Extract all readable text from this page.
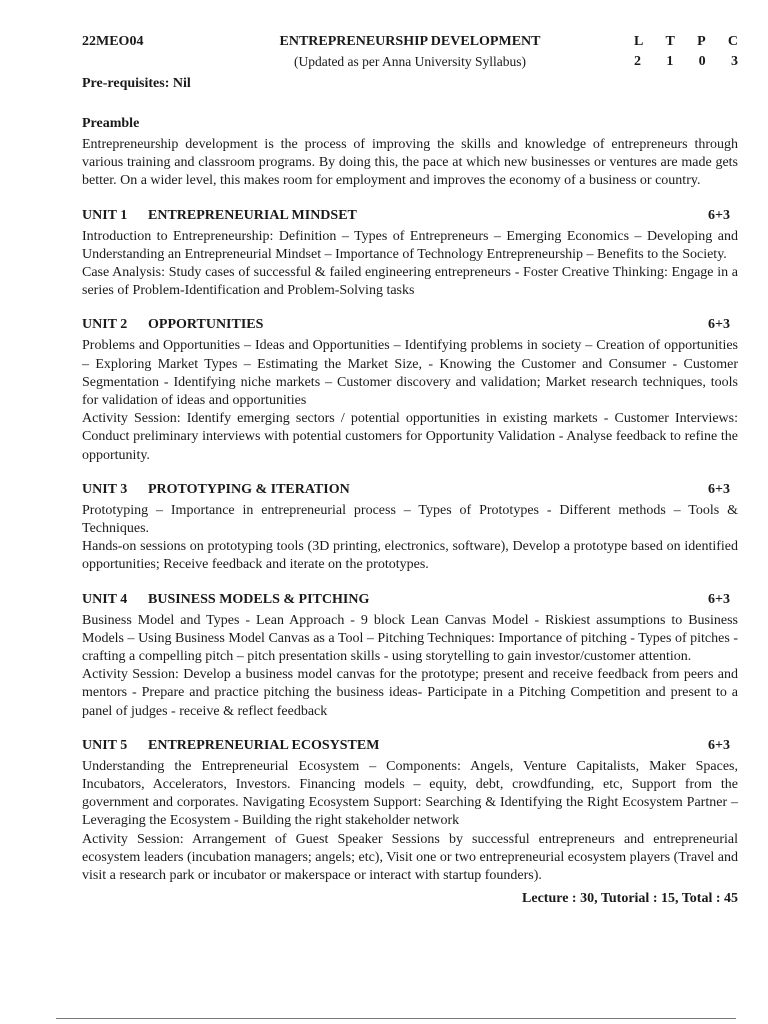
22MEO04	ENTREPRENEURSHIP DEVELOPMENT
(Updated as per Anna University Syllabus)
L T P C
2 1 0 3
Pre-requisites: Nil
Preamble

Entrepreneurship development is the process of improving the skills and knowledge of entrepreneurs through various training and classroom programs. By doing this, the pace at which new businesses or ventures are made gets better. On a wider level, this makes room for employment and improves the economy of a business or country.

UNIT 1	ENTREPRENEURIAL MINDSET	6+3

Introduction to Entrepreneurship: Definition – Types of Entrepreneurs – Emerging Economics – Developing and Understanding an Entrepreneurial Mindset – Importance of Technology Entrepreneurship – Benefits to the Society.

Case Analysis: Study cases of successful & failed engineering entrepreneurs - Foster Creative Thinking: Engage in a series of Problem-Identification and Problem-Solving tasks

UNIT 2	OPPORTUNITIES	6+3

Problems and Opportunities – Ideas and Opportunities – Identifying problems in society – Creation of opportunities – Exploring Market Types – Estimating the Market Size, - Knowing the Customer and Consumer - Customer Segmentation - Identifying niche markets – Customer discovery and validation; Market research techniques, tools for validation of ideas and opportunities

Activity Session: Identify emerging sectors / potential opportunities in existing markets - Customer Interviews: Conduct preliminary interviews with potential customers for Opportunity Validation - Analyse feedback to refine the opportunity.

UNIT 3	PROTOTYPING & ITERATION	6+3

Prototyping – Importance in entrepreneurial process – Types of Prototypes - Different methods – Tools & Techniques.

Hands-on sessions on prototyping tools (3D printing, electronics, software), Develop a prototype based on identified opportunities; Receive feedback and iterate on the prototypes.

UNIT 4	BUSINESS MODELS & PITCHING	6+3

Business Model and Types - Lean Approach - 9 block Lean Canvas Model - Riskiest assumptions to Business Models – Using Business Model Canvas as a Tool – Pitching Techniques: Importance of pitching - Types of pitches - crafting a compelling pitch – pitch presentation skills - using storytelling to gain investor/customer attention.

Activity Session: Develop a business model canvas for the prototype; present and receive feedback from peers and mentors - Prepare and practice pitching the business ideas- Participate in a Pitching Competition and present to a panel of judges - receive & reflect feedback

UNIT 5	ENTREPRENEURIAL ECOSYSTEM	6+3

Understanding the Entrepreneurial Ecosystem – Components: Angels, Venture Capitalists, Maker Spaces, Incubators, Accelerators, Investors. Financing models – equity, debt, crowdfunding, etc, Support from the government and corporates. Navigating Ecosystem Support: Searching & Identifying the Right Ecosystem Partner – Leveraging the Ecosystem - Building the right stakeholder network

Activity Session: Arrangement of Guest Speaker Sessions by successful entrepreneurs and entrepreneurial ecosystem leaders (incubation managers; angels; etc), Visit one or two entrepreneurial ecosystem players (Travel and visit a research park or incubator or makerspace or interact with startup founders).

Lecture : 30, Tutorial : 15, Total : 45
